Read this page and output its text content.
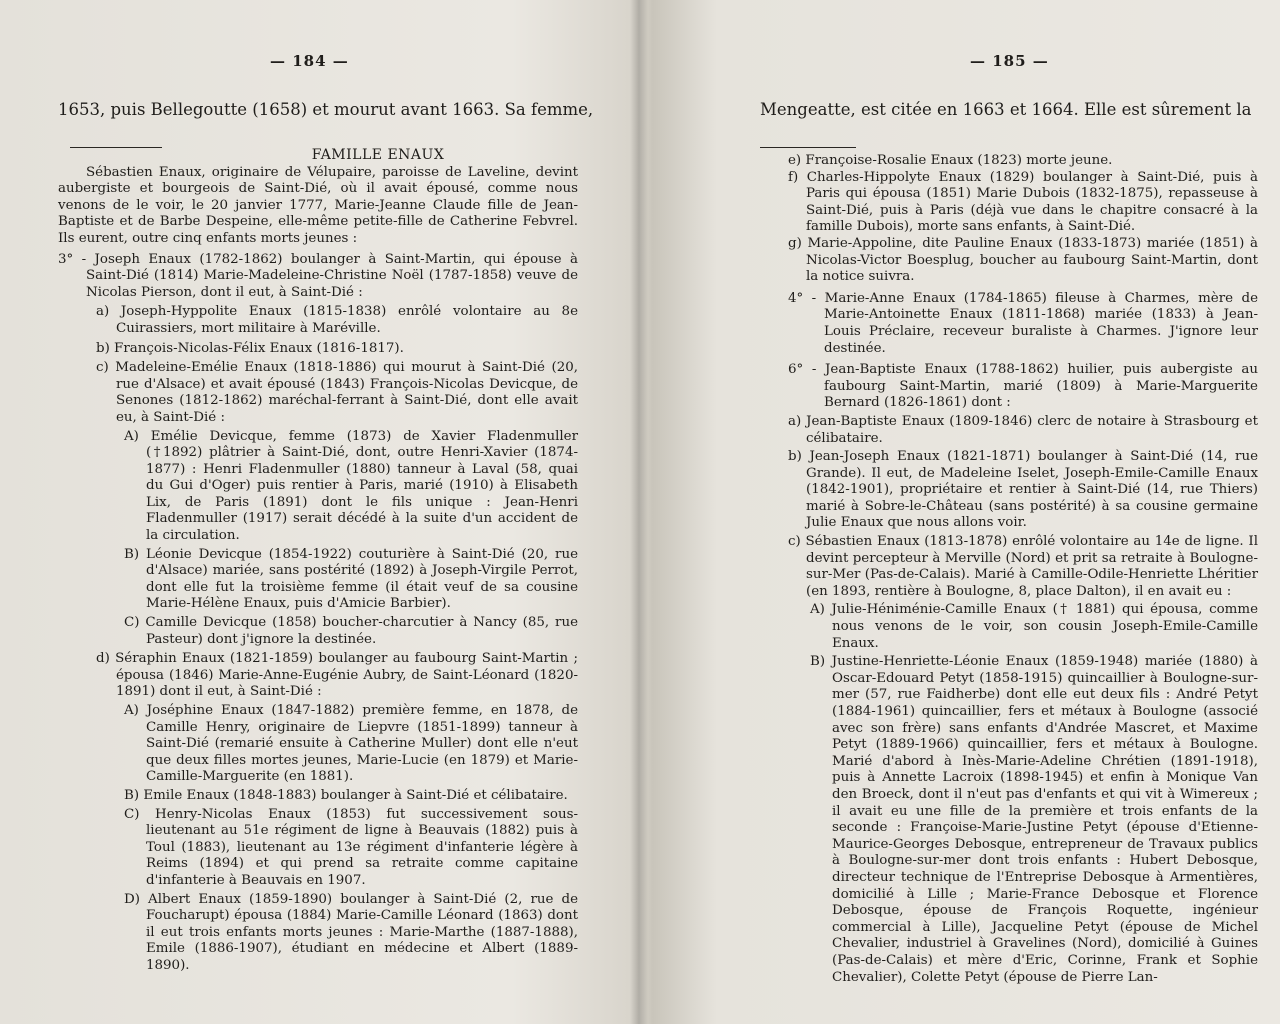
— 184 —
1653, puis Bellegoutte (1658) et mourut avant 1663. Sa femme,
FAMILLE ENAUX

Sébastien Enaux, originaire de Vélupaire, paroisse de Laveline, devint aubergiste et bourgeois de Saint-Dié, où il avait épousé, comme nous venons de le voir, le 20 janvier 1777, Marie-Jeanne Claude fille de Jean-Baptiste et de Barbe Despeine, elle-même petite-fille de Catherine Febvrel. Ils eurent, outre cinq enfants morts jeunes :

3° - Joseph Enaux (1782-1862) boulanger à Saint-Martin, qui épouse à Saint-Dié (1814) Marie-Madeleine-Christine Noël (1787-1858) veuve de Nicolas Pierson, dont il eut, à Saint-Dié :

a) Joseph-Hyppolite Enaux (1815-1838) enrôlé volontaire au 8e Cuirassiers, mort militaire à Maréville.

b) François-Nicolas-Félix Enaux (1816-1817).

c) Madeleine-Emélie Enaux (1818-1886) qui mourut à Saint-Dié (20, rue d'Alsace) et avait épousé (1843) François-Nicolas Devicque, de Senones (1812-1862) maréchal-ferrant à Saint-Dié, dont elle avait eu, à Saint-Dié :

A) Emélie Devicque, femme (1873) de Xavier Fladenmuller (†1892) plâtrier à Saint-Dié, dont, outre Henri-Xavier (1874-1877) : Henri Fladenmuller (1880) tanneur à Laval (58, quai du Gui d'Oger) puis rentier à Paris, marié (1910) à Elisabeth Lix, de Paris (1891) dont le fils unique : Jean-Henri Fladenmuller (1917) serait décédé à la suite d'un accident de la circulation.

B) Léonie Devicque (1854-1922) couturière à Saint-Dié (20, rue d'Alsace) mariée, sans postérité (1892) à Joseph-Virgile Perrot, dont elle fut la troisième femme (il était veuf de sa cousine Marie-Hélène Enaux, puis d'Amicie Barbier).

C) Camille Devicque (1858) boucher-charcutier à Nancy (85, rue Pasteur) dont j'ignore la destinée.

d) Séraphin Enaux (1821-1859) boulanger au faubourg Saint-Martin ; épousa (1846) Marie-Anne-Eugénie Aubry, de Saint-Léonard (1820-1891) dont il eut, à Saint-Dié :

A) Joséphine Enaux (1847-1882) première femme, en 1878, de Camille Henry, originaire de Liepvre (1851-1899) tanneur à Saint-Dié (remarié ensuite à Catherine Muller) dont elle n'eut que deux filles mortes jeunes, Marie-Lucie (en 1879) et Marie-Camille-Marguerite (en 1881).

B) Emile Enaux (1848-1883) boulanger à Saint-Dié et célibataire.

C) Henry-Nicolas Enaux (1853) fut successivement sous-lieutenant au 51e régiment de ligne à Beauvais (1882) puis à Toul (1883), lieutenant au 13e régiment d'infanterie légère à Reims (1894) et qui prend sa retraite comme capitaine d'infanterie à Beauvais en 1907.

D) Albert Enaux (1859-1890) boulanger à Saint-Dié (2, rue de Foucharupt) épousa (1884) Marie-Camille Léonard (1863) dont il eut trois enfants morts jeunes : Marie-Marthe (1887-1888), Emile (1886-1907), étudiant en médecine et Albert (1889-1890).

— 185 —
Mengeatte, est citée en 1663 et 1664. Elle est sûrement la

e) Françoise-Rosalie Enaux (1823) morte jeune.

f) Charles-Hippolyte Enaux (1829) boulanger à Saint-Dié, puis à Paris qui épousa (1851) Marie Dubois (1832-1875), repasseuse à Saint-Dié, puis à Paris (déjà vue dans le chapitre consacré à la famille Dubois), morte sans enfants, à Saint-Dié.

g) Marie-Appoline, dite Pauline Enaux (1833-1873) mariée (1851) à Nicolas-Victor Boesplug, boucher au faubourg Saint-Martin, dont la notice suivra.

4° - Marie-Anne Enaux (1784-1865) fileuse à Charmes, mère de Marie-Antoinette Enaux (1811-1868) mariée (1833) à Jean-Louis Préclaire, receveur buraliste à Charmes. J'ignore leur destinée.

6° - Jean-Baptiste Enaux (1788-1862) huilier, puis aubergiste au faubourg Saint-Martin, marié (1809) à Marie-Marguerite Bernard (1826-1861) dont :

a) Jean-Baptiste Enaux (1809-1846) clerc de notaire à Strasbourg et célibataire.

b) Jean-Joseph Enaux (1821-1871) boulanger à Saint-Dié (14, rue Grande). Il eut, de Madeleine Iselet, Joseph-Emile-Camille Enaux (1842-1901), propriétaire et rentier à Saint-Dié (14, rue Thiers) marié à Sobre-le-Château (sans postérité) à sa cousine germaine Julie Enaux que nous allons voir.

c) Sébastien Enaux (1813-1878) enrôlé volontaire au 14e de ligne. Il devint percepteur à Merville (Nord) et prit sa retraite à Boulogne-sur-Mer (Pas-de-Calais). Marié à Camille-Odile-Henriette Lhéritier (en 1893, rentière à Boulogne, 8, place Dalton), il en avait eu :

A) Julie-Héniménie-Camille Enaux († 1881) qui épousa, comme nous venons de le voir, son cousin Joseph-Emile-Camille Enaux.

B) Justine-Henriette-Léonie Enaux (1859-1948) mariée (1880) à Oscar-Edouard Petyt (1858-1915) quincaillier à Boulogne-sur-mer (57, rue Faidherbe) dont elle eut deux fils : André Petyt (1884-1961) quincaillier, fers et métaux à Boulogne (associé avec son frère) sans enfants d'Andrée Mascret, et Maxime Petyt (1889-1966) quincaillier, fers et métaux à Boulogne. Marié d'abord à Inès-Marie-Adeline Chrétien (1891-1918), puis à Annette Lacroix (1898-1945) et enfin à Monique Van den Broeck, dont il n'eut pas d'enfants et qui vit à Wimereux ; il avait eu une fille de la première et trois enfants de la seconde : Françoise-Marie-Justine Petyt (épouse d'Etienne-Maurice-Georges Debosque, entrepreneur de Travaux publics à Boulogne-sur-mer dont trois enfants : Hubert Debosque, directeur technique de l'Entreprise Debosque à Armentières, domicilié à Lille ; Marie-France Debosque et Florence Debosque, épouse de François Roquette, ingénieur commercial à Lille), Jacqueline Petyt (épouse de Michel Chevalier, industriel à Gravelines (Nord), domicilié à Guines (Pas-de-Calais) et mère d'Eric, Corinne, Frank et Sophie Chevalier), Colette Petyt (épouse de Pierre Lan-
